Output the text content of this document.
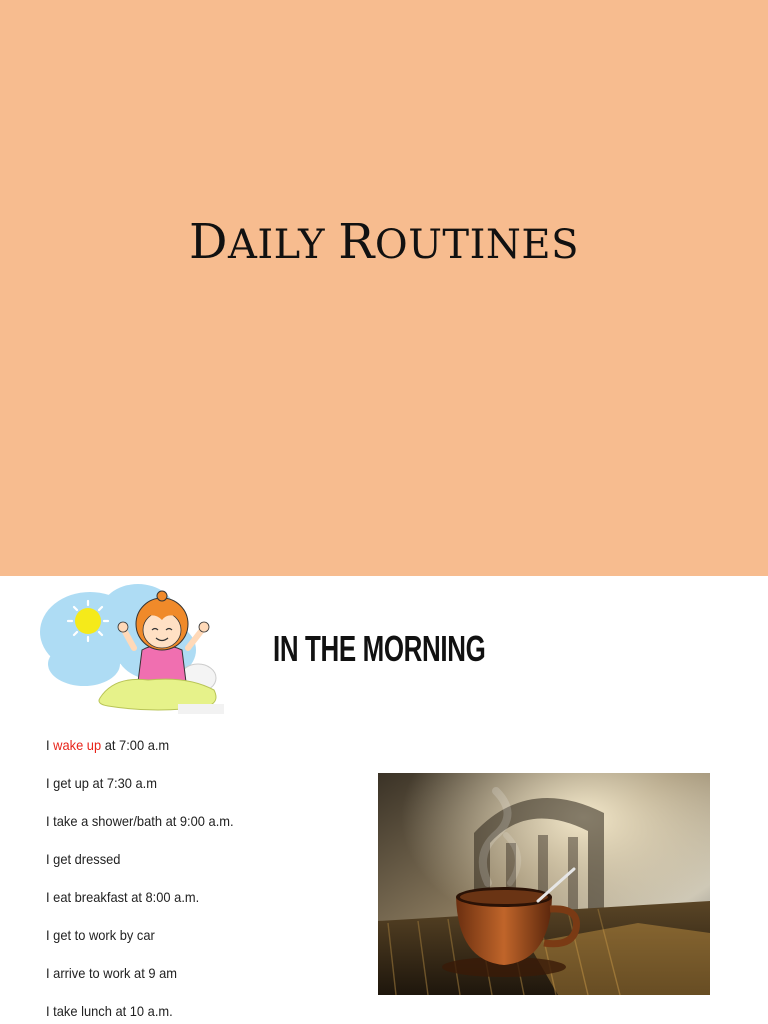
DAILY ROUTINES
IN THE MORNING
I wake up at 7:00 a.m
I get up at 7:30 a.m
I take a shower/bath at 9:00 a.m.
I get dressed
I eat breakfast at 8:00 a.m.
I get to work by car
I arrive to work at 9 am
I take lunch at 10 a.m.
